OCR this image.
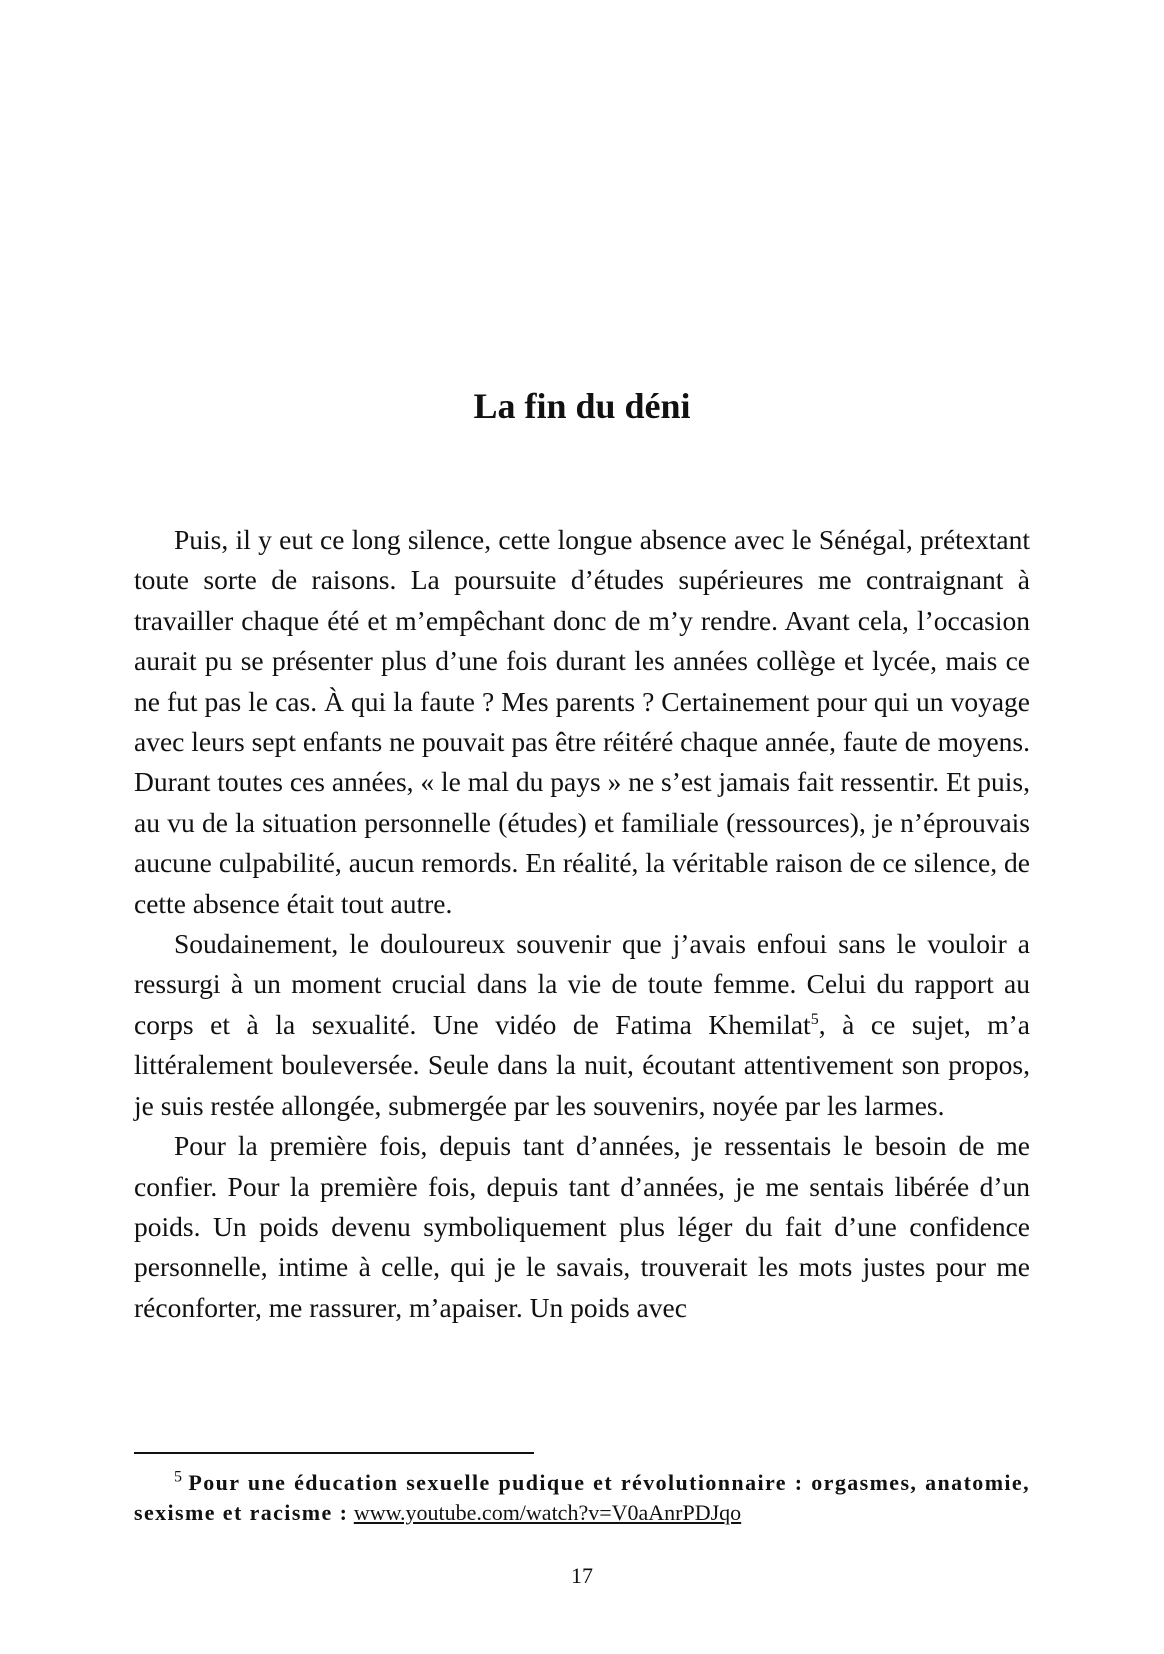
La fin du déni

Puis, il y eut ce long silence, cette longue absence avec le Sénégal, prétextant toute sorte de raisons. La poursuite d’études supérieures me contraignant à travailler chaque été et m’empêchant donc de m’y rendre. Avant cela, l’occasion aurait pu se présenter plus d’une fois durant les années collège et lycée, mais ce ne fut pas le cas. À qui la faute ? Mes parents ? Certainement pour qui un voyage avec leurs sept enfants ne pouvait pas être réitéré chaque année, faute de moyens. Durant toutes ces années, « le mal du pays » ne s’est jamais fait ressentir. Et puis, au vu de la situation personnelle (études) et familiale (ressources), je n’éprouvais aucune culpabilité, aucun remords. En réalité, la véritable raison de ce silence, de cette absence était tout autre.

Soudainement, le douloureux souvenir que j’avais enfoui sans le vouloir a ressurgi à un moment crucial dans la vie de toute femme. Celui du rapport au corps et à la sexualité. Une vidéo de Fatima Khemilat$^5$, à ce sujet, m’a littéralement bouleversée. Seule dans la nuit, écoutant attentivement son propos, je suis restée allongée, submergée par les souvenirs, noyée par les larmes.

Pour la première fois, depuis tant d’années, je ressentais le besoin de me confier. Pour la première fois, depuis tant d’années, je me sentais libérée d’un poids. Un poids devenu symboliquement plus léger du fait d’une confidence personnelle, intime à celle, qui je le savais, trouverait les mots justes pour me réconforter, me rassurer, m’apaiser. Un poids avec

$^5$ Pour une éducation sexuelle pudique et révolutionnaire : orgasmes, anatomie, sexisme et racisme : www.youtube.com/watch?v=V0aAnrPDJqo

17
